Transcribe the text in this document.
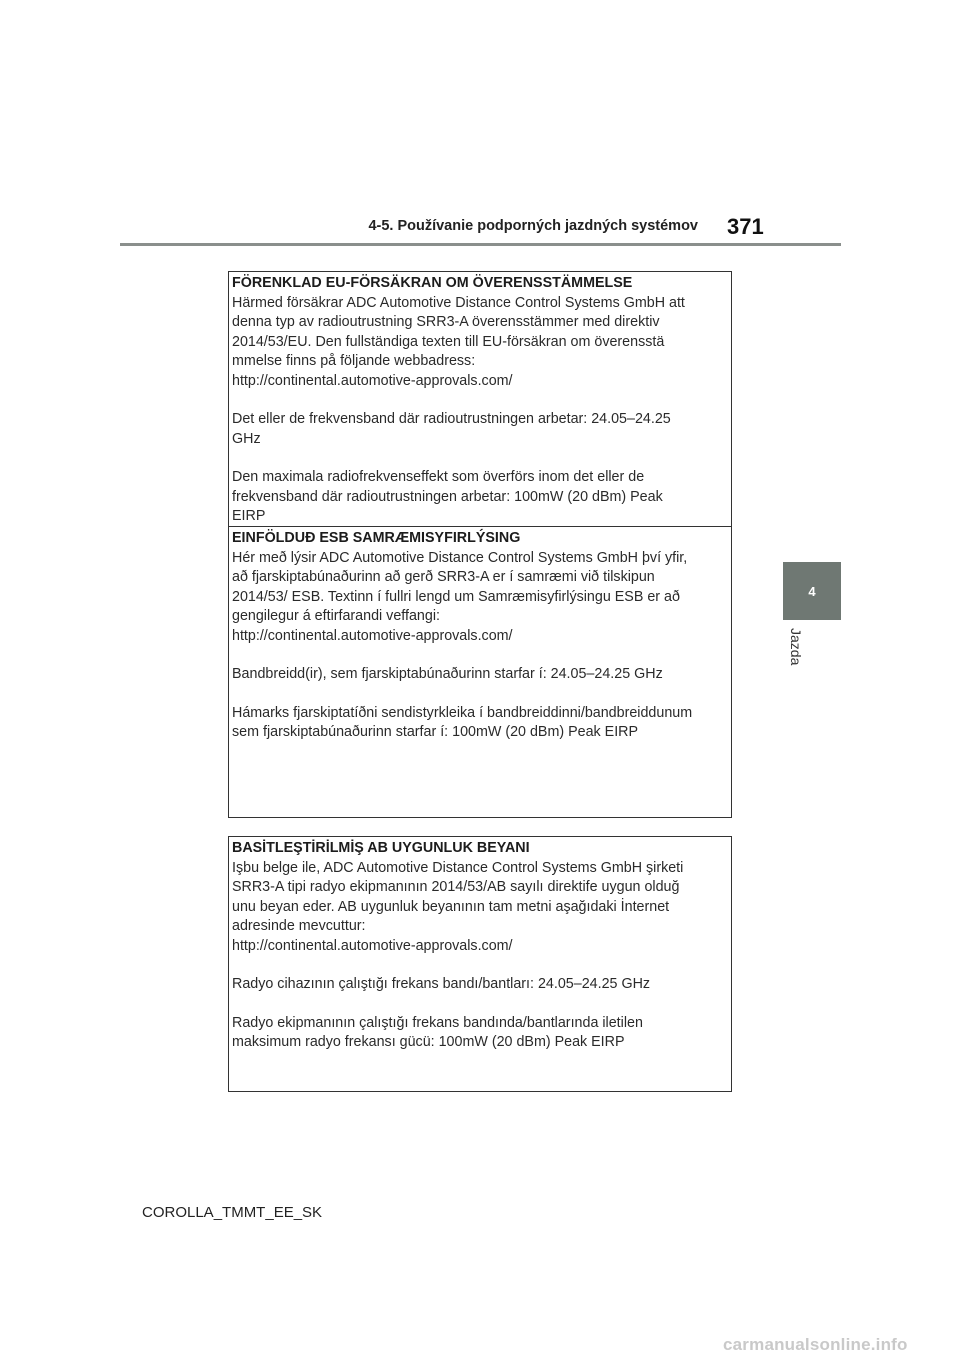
4-5. Používanie podporných jazdných systémov 371
4
Jazda
FÖRENKLAD EU-FÖRSÄKRAN OM ÖVERENSSTÄMMELSE
Härmed försäkrar ADC Automotive Distance Control Systems GmbH att
denna typ av radioutrustning SRR3-A överensstämmer med direktiv
2014/53/EU. Den fullständiga texten till EU-försäkran om överensstä
mmelse finns på följande webbadress:
http://continental.automotive-approvals.com/
Det eller de frekvensband där radioutrustningen arbetar: 24.05–24.25
GHz
Den maximala radiofrekvenseffekt som överförs inom det eller de
frekvensband där radioutrustningen arbetar: 100mW (20 dBm) Peak
EIRP
EINFÖLDUÐ ESB SAMRÆMISYFIRLÝSING
Hér með lýsir ADC Automotive Distance Control Systems GmbH því yfir,
að fjarskiptabúnaðurinn að gerð SRR3-A er í samræmi við tilskipun
2014/53/ ESB. Textinn í fullri lengd um Samræmisyfirlýsingu ESB er að
gengilegur á eftirfarandi veffangi:
http://continental.automotive-approvals.com/
Bandbreidd(ir), sem fjarskiptabúnaðurinn starfar í: 24.05–24.25 GHz
Hámarks fjarskiptatíðni sendistyrkleika í bandbreiddinni/bandbreiddunum
sem fjarskiptabúnaðurinn starfar í: 100mW (20 dBm) Peak EIRP
BASİTLEŞTİRİLMİŞ AB UYGUNLUK BEYANI
Işbu belge ile, ADC Automotive Distance Control Systems GmbH şirketi
SRR3-A tipi radyo ekipmanının 2014/53/AB sayılı direktife uygun olduğ
unu beyan eder. AB uygunluk beyanının tam metni aşağıdaki İnternet
adresinde mevcuttur:
http://continental.automotive-approvals.com/
Radyo cihazının çalıştığı frekans bandı/bantları: 24.05–24.25 GHz
Radyo ekipmanının çalıştığı frekans bandında/bantlarında iletilen
maksimum radyo frekansı gücü: 100mW (20 dBm) Peak EIRP
COROLLA_TMMT_EE_SK
carmanualsonline.info
